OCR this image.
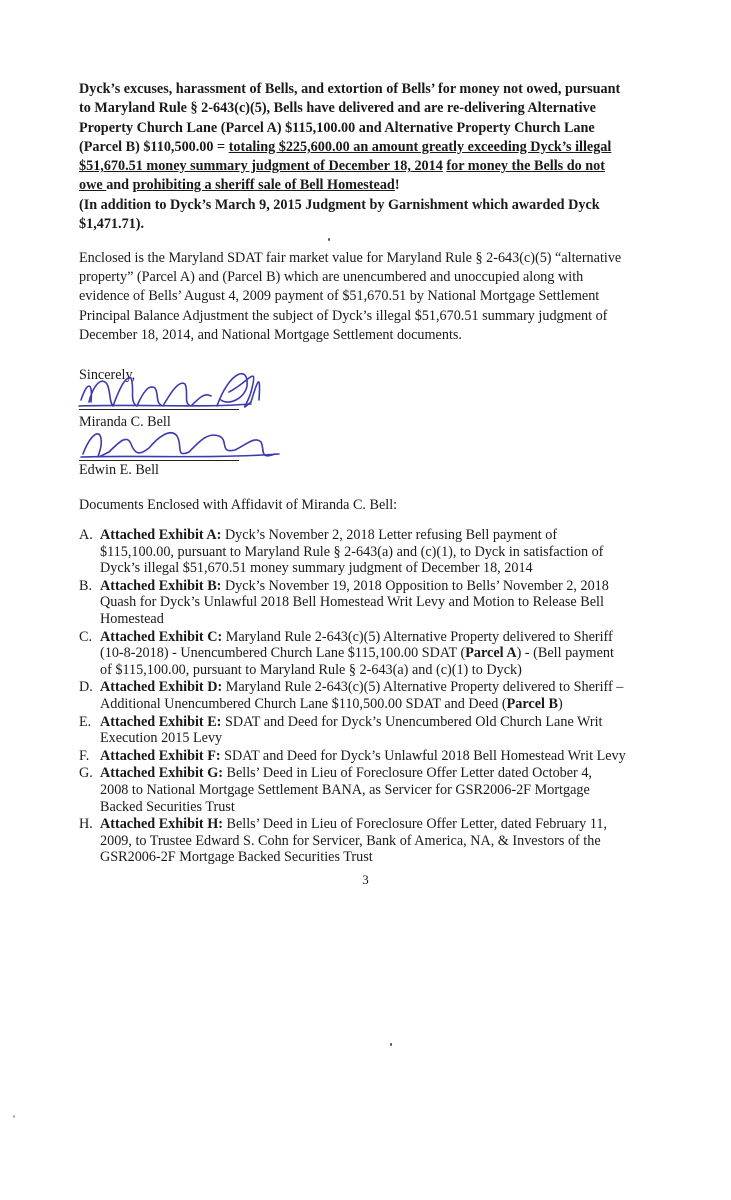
Dyck’s excuses, harassment of Bells, and extortion of Bells’ for money not owed, pursuant
to Maryland Rule § 2-643(c)(5), Bells have delivered and are re-delivering Alternative
Property Church Lane (Parcel A) $115,100.00 and Alternative Property Church Lane
(Parcel B) $110,500.00 = totaling $225,600.00 an amount greatly exceeding Dyck’s illegal
$51,670.51 money summary judgment of December 18, 2014 for money the Bells do not
owe and prohibiting a sheriff sale of Bell Homestead!
(In addition to Dyck’s March 9, 2015 Judgment by Garnishment which awarded Dyck
$1,471.71).
Enclosed is the Maryland SDAT fair market value for Maryland Rule § 2-643(c)(5) “alternative
property” (Parcel A) and (Parcel B) which are unencumbered and unoccupied along with
evidence of Bells’ August 4, 2009 payment of $51,670.51 by National Mortgage Settlement
Principal Balance Adjustment the subject of Dyck’s illegal $51,670.51 summary judgment of
December 18, 2014, and National Mortgage Settlement documents.
Sincerely,
Miranda C. Bell
Edwin E. Bell
Documents Enclosed with Affidavit of Miranda C. Bell:
A. Attached Exhibit A: Dyck’s November 2, 2018 Letter refusing Bell payment of
$115,100.00, pursuant to Maryland Rule § 2-643(a) and (c)(1), to Dyck in satisfaction of
Dyck’s illegal $51,670.51 money summary judgment of December 18, 2014
B. Attached Exhibit B: Dyck’s November 19, 2018 Opposition to Bells’ November 2, 2018
Quash for Dyck’s Unlawful 2018 Bell Homestead Writ Levy and Motion to Release Bell
Homestead
C. Attached Exhibit C: Maryland Rule 2-643(c)(5) Alternative Property delivered to Sheriff
(10-8-2018) - Unencumbered Church Lane $115,100.00 SDAT (Parcel A) - (Bell payment
of $115,100.00, pursuant to Maryland Rule § 2-643(a) and (c)(1) to Dyck)
D. Attached Exhibit D: Maryland Rule 2-643(c)(5) Alternative Property delivered to Sheriff –
Additional Unencumbered Church Lane $110,500.00 SDAT and Deed (Parcel B)
E. Attached Exhibit E: SDAT and Deed for Dyck’s Unencumbered Old Church Lane Writ
Execution 2015 Levy
F. Attached Exhibit F: SDAT and Deed for Dyck’s Unlawful 2018 Bell Homestead Writ Levy
G. Attached Exhibit G: Bells’ Deed in Lieu of Foreclosure Offer Letter dated October 4,
2008 to National Mortgage Settlement BANA, as Servicer for GSR2006-2F Mortgage
Backed Securities Trust
H. Attached Exhibit H: Bells’ Deed in Lieu of Foreclosure Offer Letter, dated February 11,
2009, to Trustee Edward S. Cohn for Servicer, Bank of America, NA, & Investors of the
GSR2006-2F Mortgage Backed Securities Trust
3
